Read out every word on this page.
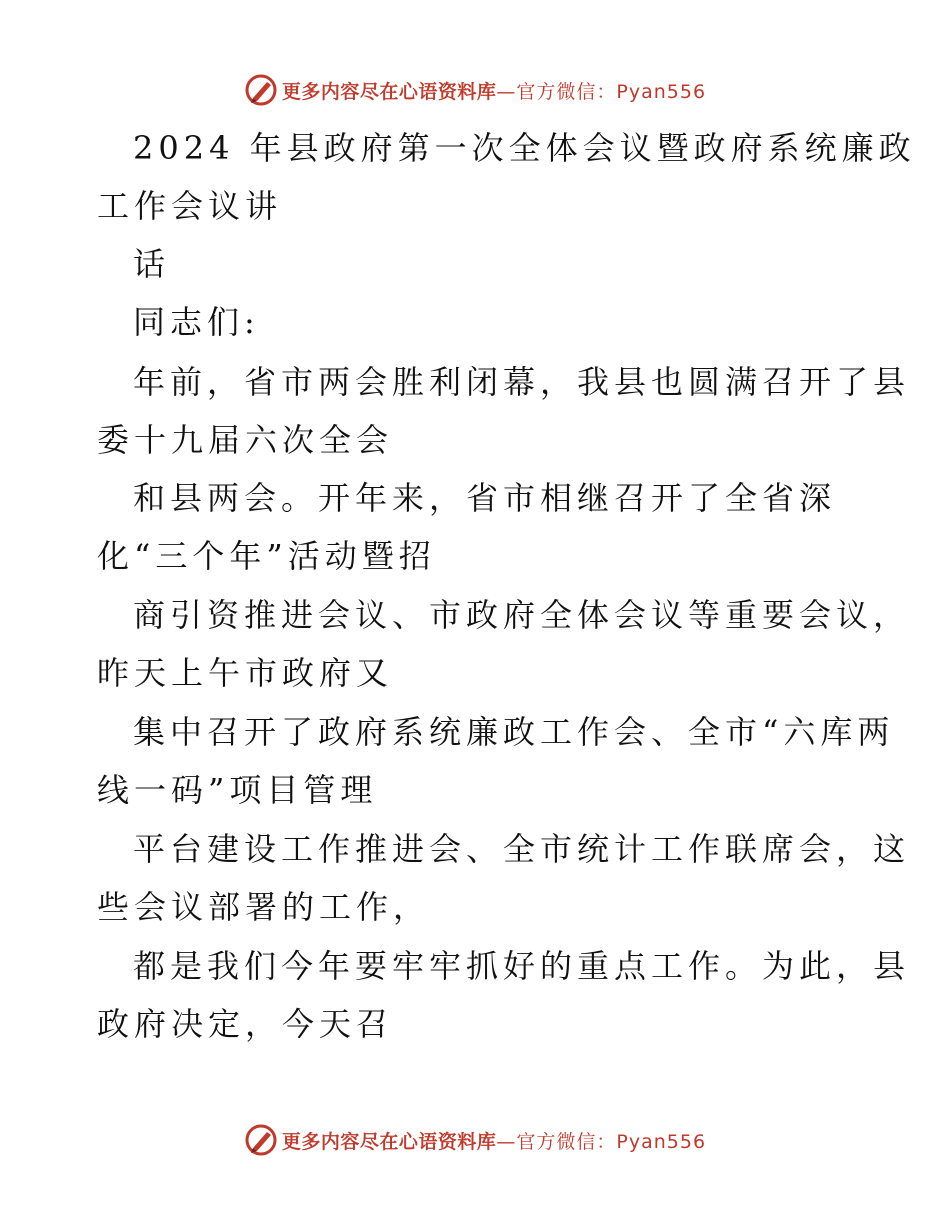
更多内容尽在心语资料库 —官方微信：Pyan556
2024 年县政府第一次全体会议暨政府系统廉政
工作会议讲
话
同志们:
年前，省市两会胜利闭幕，我县也圆满召开了县
委十九届六次全会
和县两会。开年来，省市相继召开了全省深
化“三个年”活动暨招
商引资推进会议、市政府全体会议等重要会议，
昨天上午市政府又
集中召开了政府系统廉政工作会、全市“六库两
线一码”项目管理
平台建设工作推进会、全市统计工作联席会，这
些会议部署的工作，
都是我们今年要牢牢抓好的重点工作。为此，县
政府决定，今天召
更多内容尽在心语资料库 —官方微信：Pyan556
